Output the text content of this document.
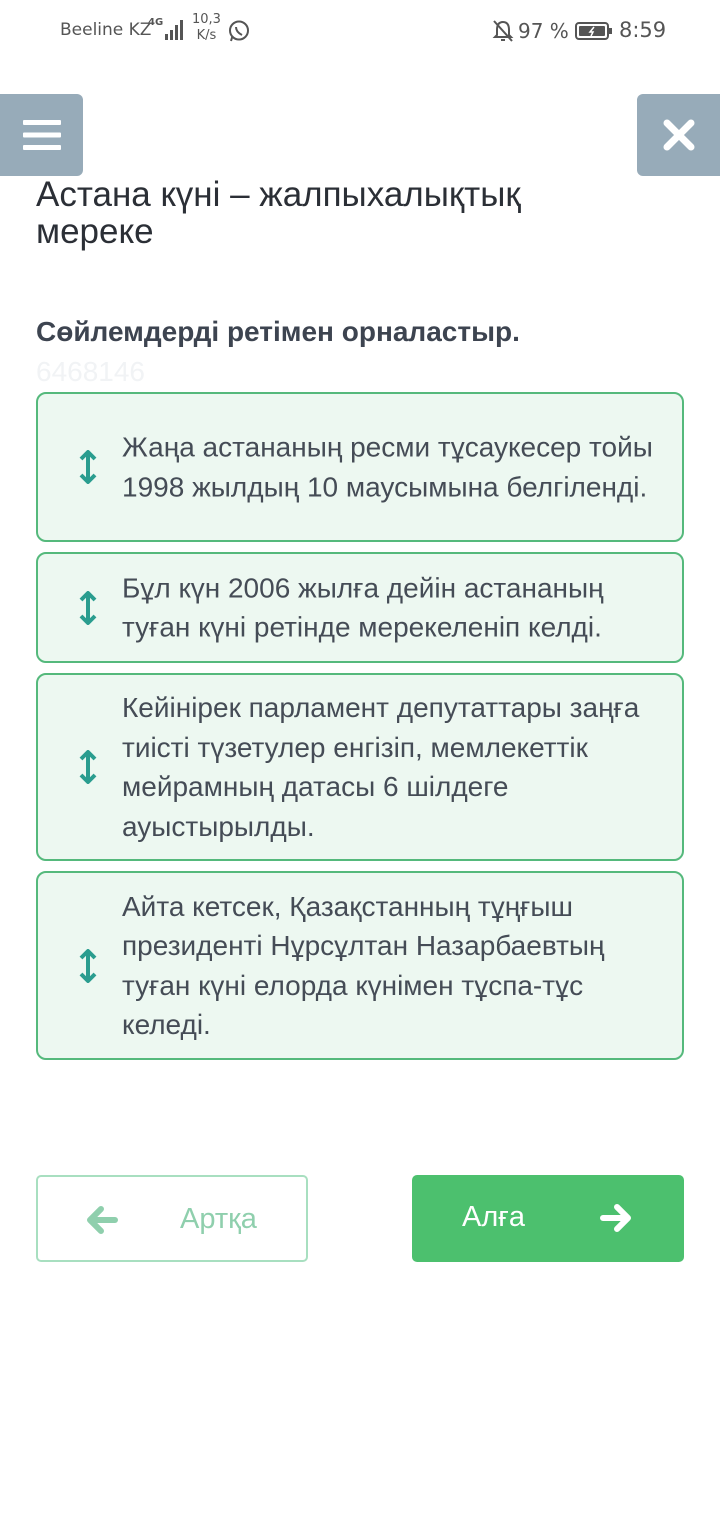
Beeline KZ
4G 10,3
K/s	97 % 8:59
Астана күні – жалпыхалықтық мереке
Сөйлемдерді ретімен орналастыр.
6468146
Жаңа астананың ресми тұсаукесер тойы 1998 жылдың 10 маусымына белгіленді.
Бұл күн 2006 жылға дейін астананың туған күні ретінде мерекеленіп келді.
Кейінірек парламент депутаттары заңға тиісті түзетулер енгізіп, мемлекеттік мейрамның датасы 6 шілдеге ауыстырылды.
Айта кетсек, Қазақстанның тұңғыш президенті Нұрсұлтан Назарбаевтың туған күні елорда күнімен тұспа-тұс келеді.
Артқа	Алға
